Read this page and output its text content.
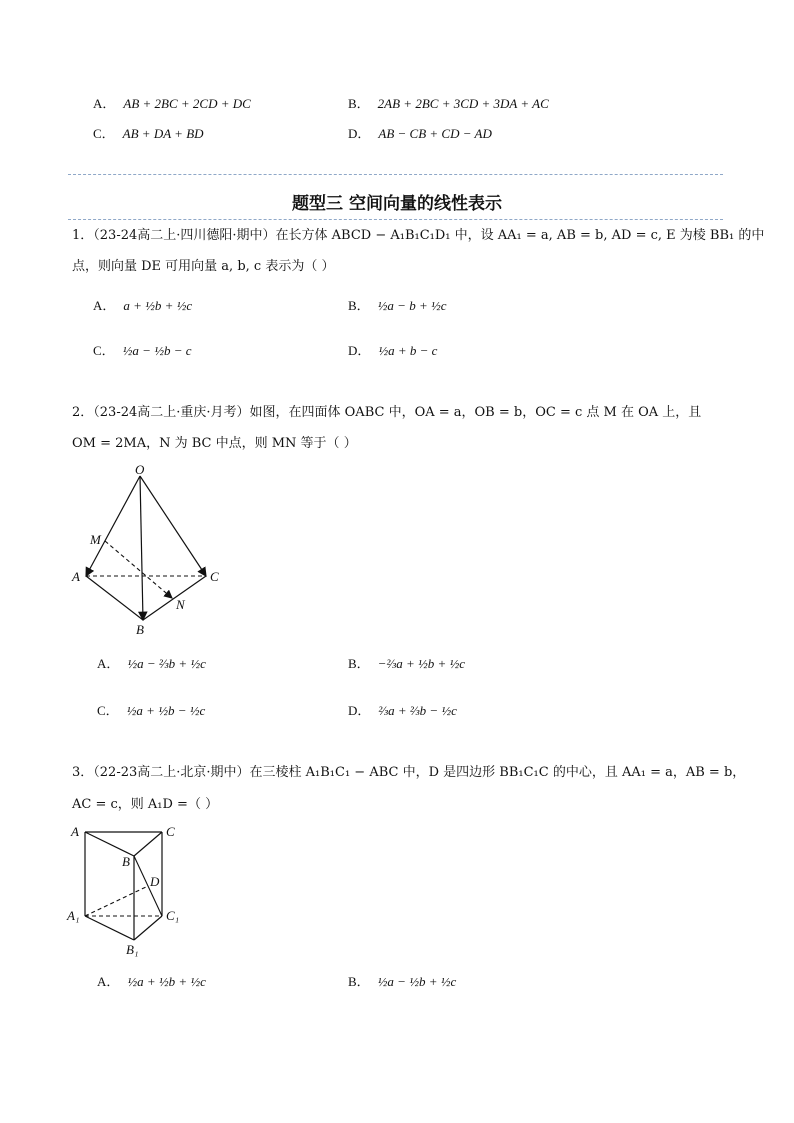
A． AB + 2BC + 2CD + DC	B． 2AB + 2BC + 3CD + 3DA + AC
C． AB + DA + BD	D． AB − CB + CD − AD
题型三 空间向量的线性表示
1．（23-24高二上·四川德阳·期中）在长方体 ABCD − A₁B₁C₁D₁ 中，设 AA₁ = a, AB = b, AD = c, E 为棱 BB₁ 的中
点，则向量 DE 可用向量 a, b, c 表示为（ ）
A． a + ½b + ½c	B． ½a − b + ½c
C． ½a − ½b − c	D． ½a + b − c
2．（23-24高二上·重庆·月考）如图，在四面体 OABC 中，OA = a，OB = b，OC = c 点 M 在 OA 上，且
OM = 2MA，N 为 BC 中点，则 MN 等于（ ）
O
M
A	C
N
B
A． ½a − ⅔b + ½c	B． −⅔a + ½b + ½c
C． ½a + ½b − ½c	D． ⅔a + ⅔b − ½c
3．（22-23高二上·北京·期中）在三棱柱 A₁B₁C₁ − ABC 中，D 是四边形 BB₁C₁C 的中心，且 AA₁ = a，AB = b，
AC = c，则 A₁D =（ ）
A	C
B
D
A₁	C₁
B₁
A． ½a + ½b + ½c	B． ½a − ½b + ½c
